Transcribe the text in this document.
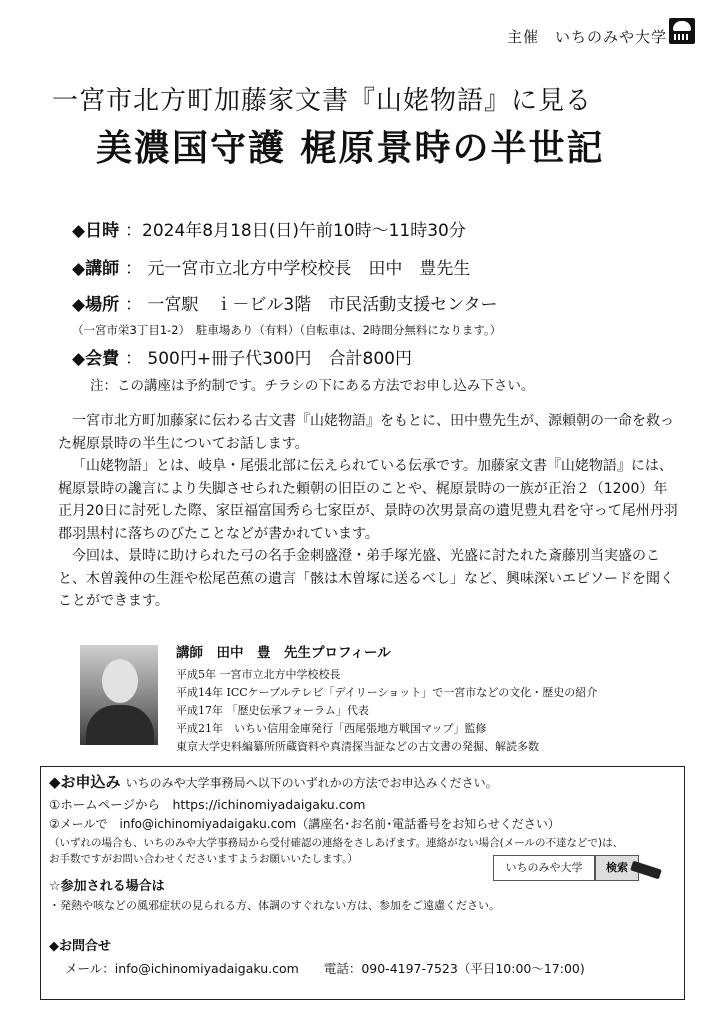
主催　いちのみや大学
一宮市北方町加藤家文書『山姥物語』に見る
美濃国守護 梶原景時の半世記
◆日時 ：2024年8月18日(日)午前10時～11時30分
◆講師 ： 元一宮市立北方中学校校長　田中　豊先生
◆場所 ： 一宮駅　ｉ－ビル3階　市民活動支援センター
（一宮市栄3丁目1-2）　駐車場あり（有料）（自転車は、2時間分無料になります。）
◆会費 ： 500円+冊子代300円　合計800円
注：この講座は予約制です。チラシの下にある方法でお申し込み下さい。

一宮市北方町加藤家に伝わる古文書『山姥物語』をもとに、田中豊先生が、源頼朝の一命を救った梶原景時の半生についてお話します。

「山姥物語」とは、岐阜・尾張北部に伝えられている伝承です。加藤家文書『山姥物語』には、梶原景時の讒言により失脚させられた頼朝の旧臣のことや、梶原景時の一族が正治２（1200）年正月20日に討死した際、家臣福富国秀ら七家臣が、景時の次男景高の遺児豊丸君を守って尾州丹羽郡羽黒村に落ちのびたことなどが書かれています。

今回は、景時に助けられた弓の名手金刺盛澄・弟手塚光盛、光盛に討たれた斎藤別当実盛のこと、木曽義仲の生涯や松尾芭蕉の遺言「骸は木曽塚に送るべし」など、興味深いエピソードを聞くことができます。

講師　田中　豊　先生プロフィール
平成5年 一宮市立北方中学校校長
平成14年 ICCケーブルテレビ「デイリーショット」で一宮市などの文化・歴史の紹介
平成17年 「歴史伝承フォーラム」代表
平成21年　いちい信用金庫発行「西尾張地方戦国マップ」監修
東京大学史料編纂所所蔵資料や真清探当証などの古文書の発掘、解読多数
◆お申込み いちのみや大学事務局へ以下のいずれかの方法でお申込みください。
①ホームページから　https://ichinomiyadaigaku.com
②メールで　info@ichinomiyadaigaku.com（講座名･お名前･電話番号をお知らせください）
（いずれの場合も、いちのみや大学事務局から受付確認の連絡をさしあげます。連絡がない場合(メールの不達などで)は、
お手数ですがお問い合わせくださいますようお願いいたします。）
いちのみや大学	検索
☆参加される場合は
・発熱や咳などの風邪症状の見られる方、体調のすぐれない方は、参加をご遠慮ください。
◆お問合せ
メール：info@ichinomiyadaigaku.com　　電話：090-4197-7523（平日10:00～17:00)
